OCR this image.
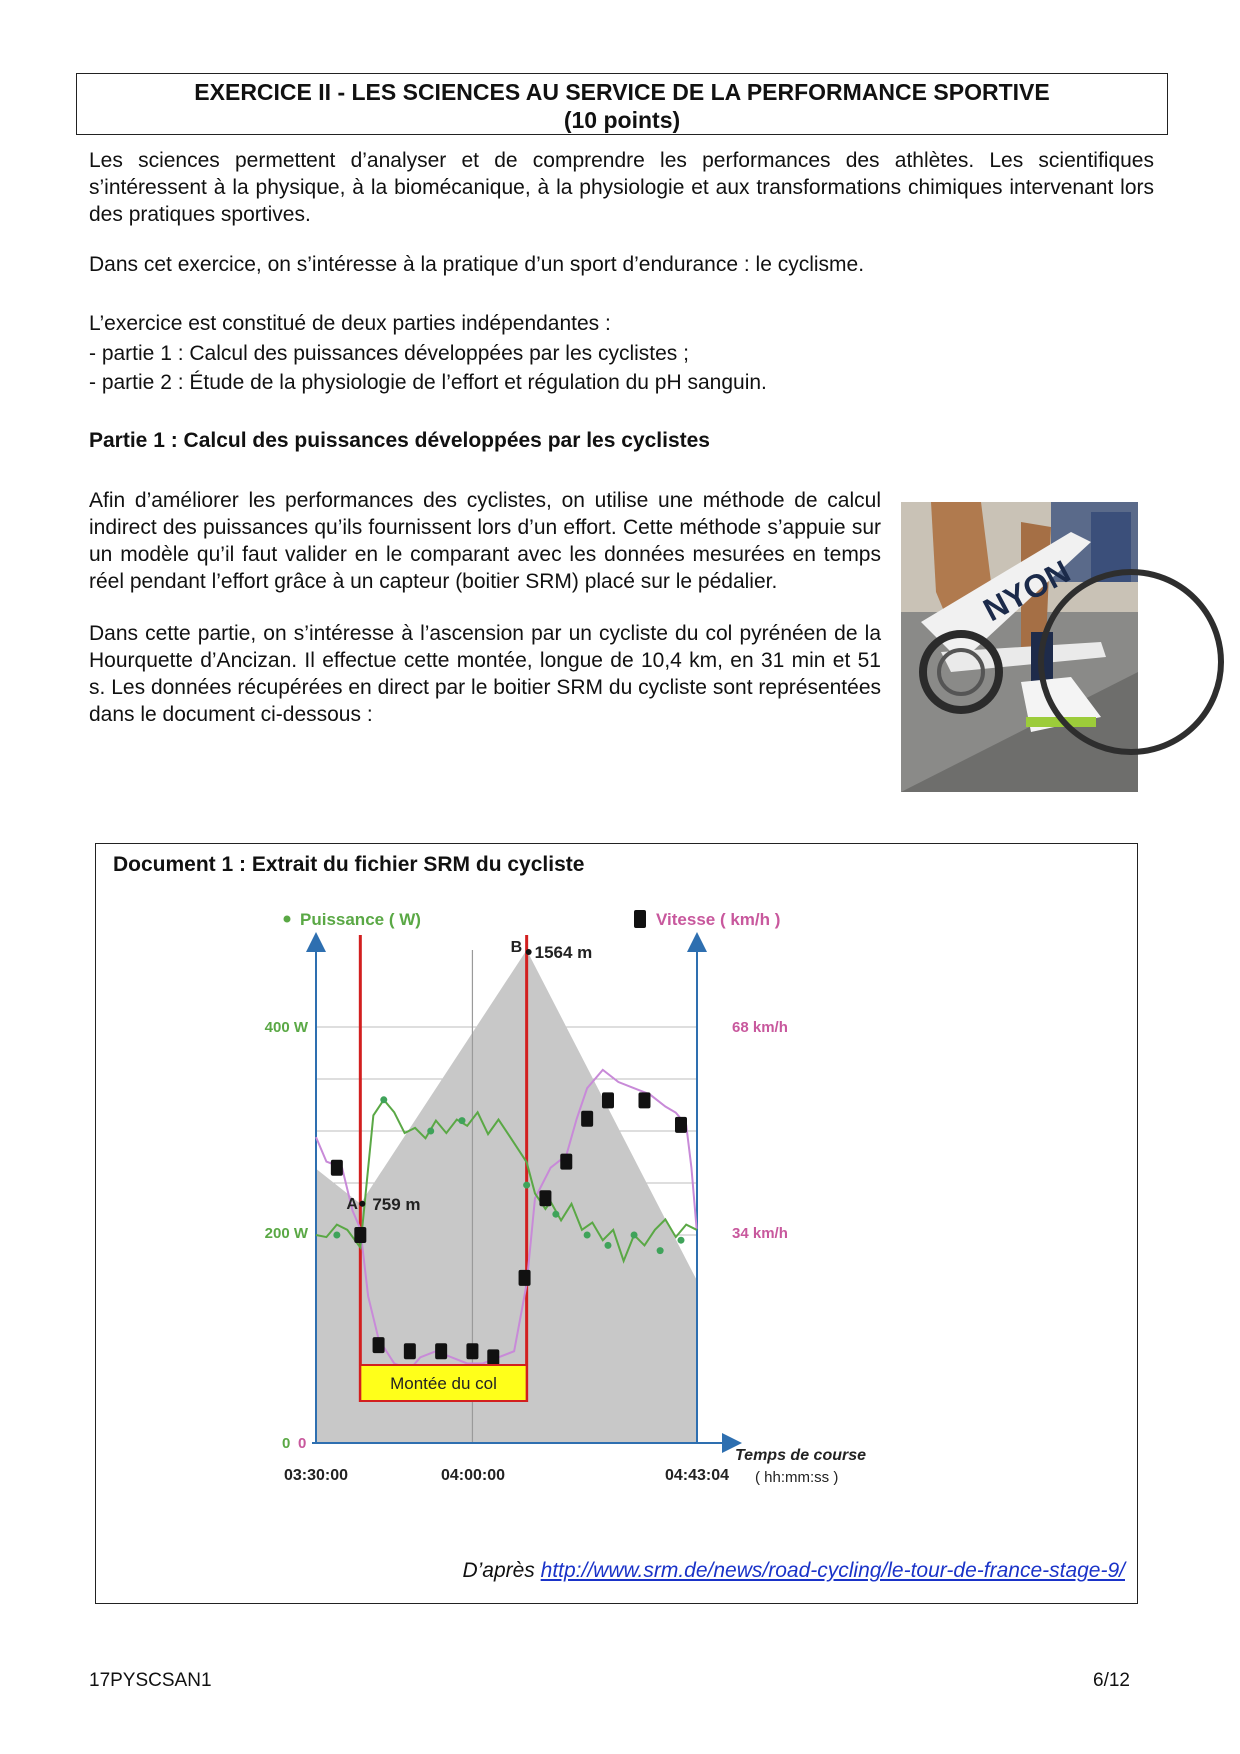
EXERCICE II - LES SCIENCES AU SERVICE DE LA PERFORMANCE SPORTIVE
(10 points)
Les sciences permettent d’analyser et de comprendre les performances des athlètes. Les scientifiques s’intéressent à la physique, à la biomécanique, à la physiologie et aux transformations chimiques intervenant lors des pratiques sportives.
Dans cet exercice, on s’intéresse à la pratique d’un sport d’endurance : le cyclisme.
L’exercice est constitué de deux parties indépendantes :
- partie 1 : Calcul des puissances développées par les cyclistes ;
- partie 2 : Étude de la physiologie de l’effort et régulation du pH sanguin.
Partie 1 : Calcul des puissances développées par les cyclistes
Afin d’améliorer les performances des cyclistes, on utilise une méthode de calcul indirect des puissances qu’ils fournissent lors d’un effort. Cette méthode s’appuie sur un modèle qu’il faut valider en le comparant avec les données mesurées en temps réel pendant l’effort grâce à un capteur (boitier SRM) placé sur le pédalier.
Dans cette partie, on s’intéresse à l’ascension par un cycliste du col pyrénéen de la Hourquette d’Ancizan. Il effectue cette montée, longue de 10,4 km, en 31 min et 51 s. Les données récupérées en direct par le boitier SRM du cycliste sont représentées dans le document ci-dessous :
NYON
Document 1 : Extrait du fichier SRM du cycliste
Montée du col
A 759 m
B 1564 m
Puissance ( W)	Vitesse ( km/h )
400 W
200 W
0
68 km/h
34 km/h
0
03:30:00	04:00:00	04:43:04
Temps de course
( hh:mm:ss )
D’après http://www.srm.de/news/road-cycling/le-tour-de-france-stage-9/
17PYSCSAN1	6/12
